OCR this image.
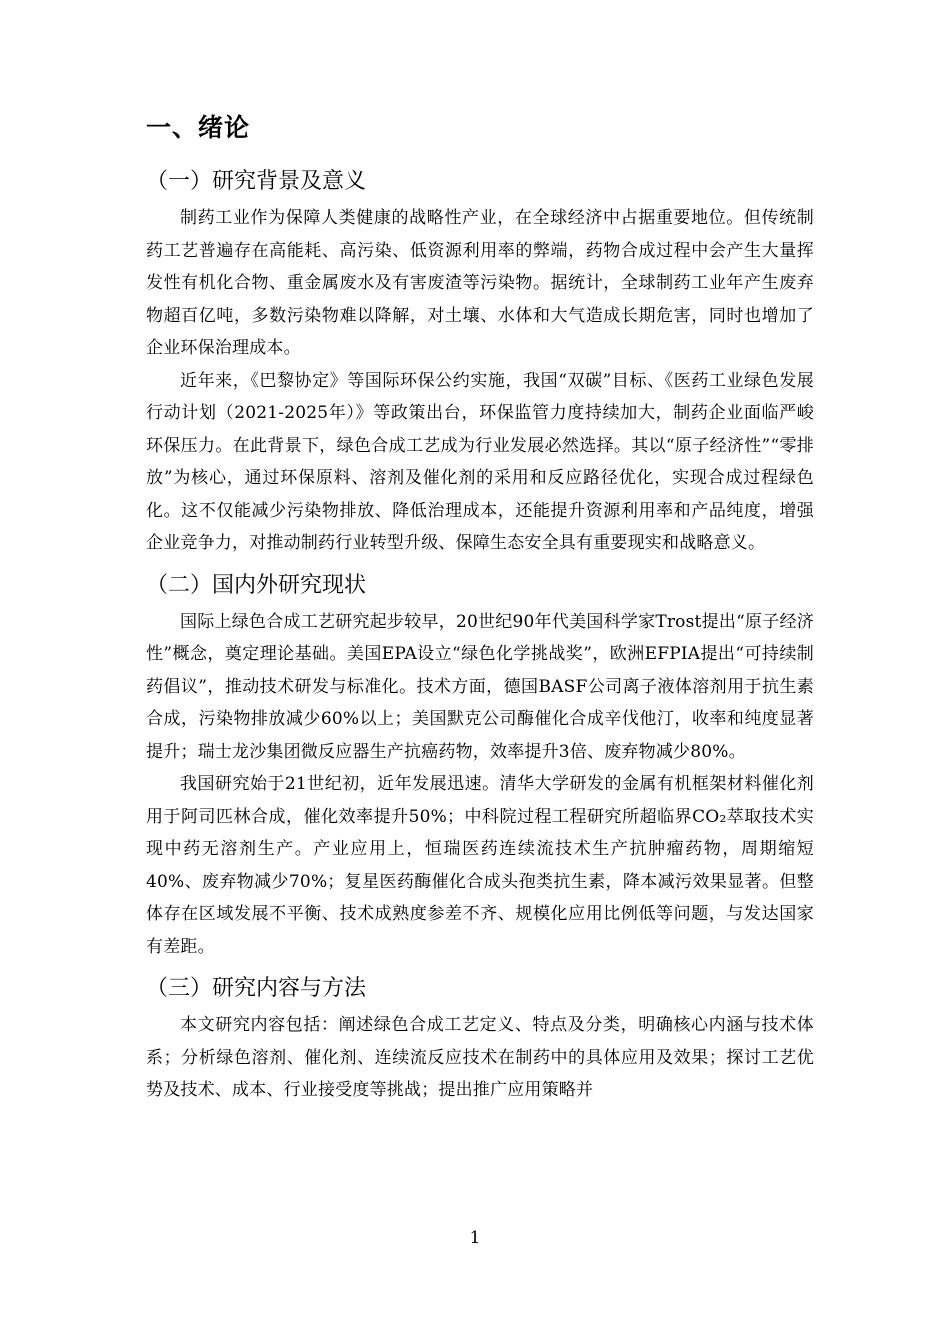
一、绪论
（一）研究背景及意义

制药工业作为保障人类健康的战略性产业，在全球经济中占据重要地位。但传统制药工艺普遍存在高能耗、高污染、低资源利用率的弊端，药物合成过程中会产生大量挥发性有机化合物、重金属废水及有害废渣等污染物。据统计，全球制药工业年产生废弃物超百亿吨，多数污染物难以降解，对土壤、水体和大气造成长期危害，同时也增加了企业环保治理成本。

近年来，《巴黎协定》等国际环保公约实施，我国“双碳”目标、《医药工业绿色发展行动计划（2021-2025年）》等政策出台，环保监管力度持续加大，制药企业面临严峻环保压力。在此背景下，绿色合成工艺成为行业发展必然选择。其以“原子经济性”“零排放”为核心，通过环保原料、溶剂及催化剂的采用和反应路径优化，实现合成过程绿色化。这不仅能减少污染物排放、降低治理成本，还能提升资源利用率和产品纯度，增强企业竞争力，对推动制药行业转型升级、保障生态安全具有重要现实和战略意义。

（二）国内外研究现状

国际上绿色合成工艺研究起步较早，20世纪90年代美国科学家Trost提出“原子经济性”概念，奠定理论基础。美国EPA设立“绿色化学挑战奖”，欧洲EFPIA提出“可持续制药倡议”，推动技术研发与标准化。技术方面，德国BASF公司离子液体溶剂用于抗生素合成，污染物排放减少60%以上；美国默克公司酶催化合成辛伐他汀，收率和纯度显著提升；瑞士龙沙集团微反应器生产抗癌药物，效率提升3倍、废弃物减少80%。

我国研究始于21世纪初，近年发展迅速。清华大学研发的金属有机框架材料催化剂用于阿司匹林合成，催化效率提升50%；中科院过程工程研究所超临界CO₂萃取技术实现中药无溶剂生产。产业应用上，恒瑞医药连续流技术生产抗肿瘤药物，周期缩短40%、废弃物减少70%；复星医药酶催化合成头孢类抗生素，降本减污效果显著。但整体存在区域发展不平衡、技术成熟度参差不齐、规模化应用比例低等问题，与发达国家有差距。

（三）研究内容与方法

本文研究内容包括：阐述绿色合成工艺定义、特点及分类，明确核心内涵与技术体系；分析绿色溶剂、催化剂、连续流反应技术在制药中的具体应用及效果；探讨工艺优势及技术、成本、行业接受度等挑战；提出推广应用策略并

1
